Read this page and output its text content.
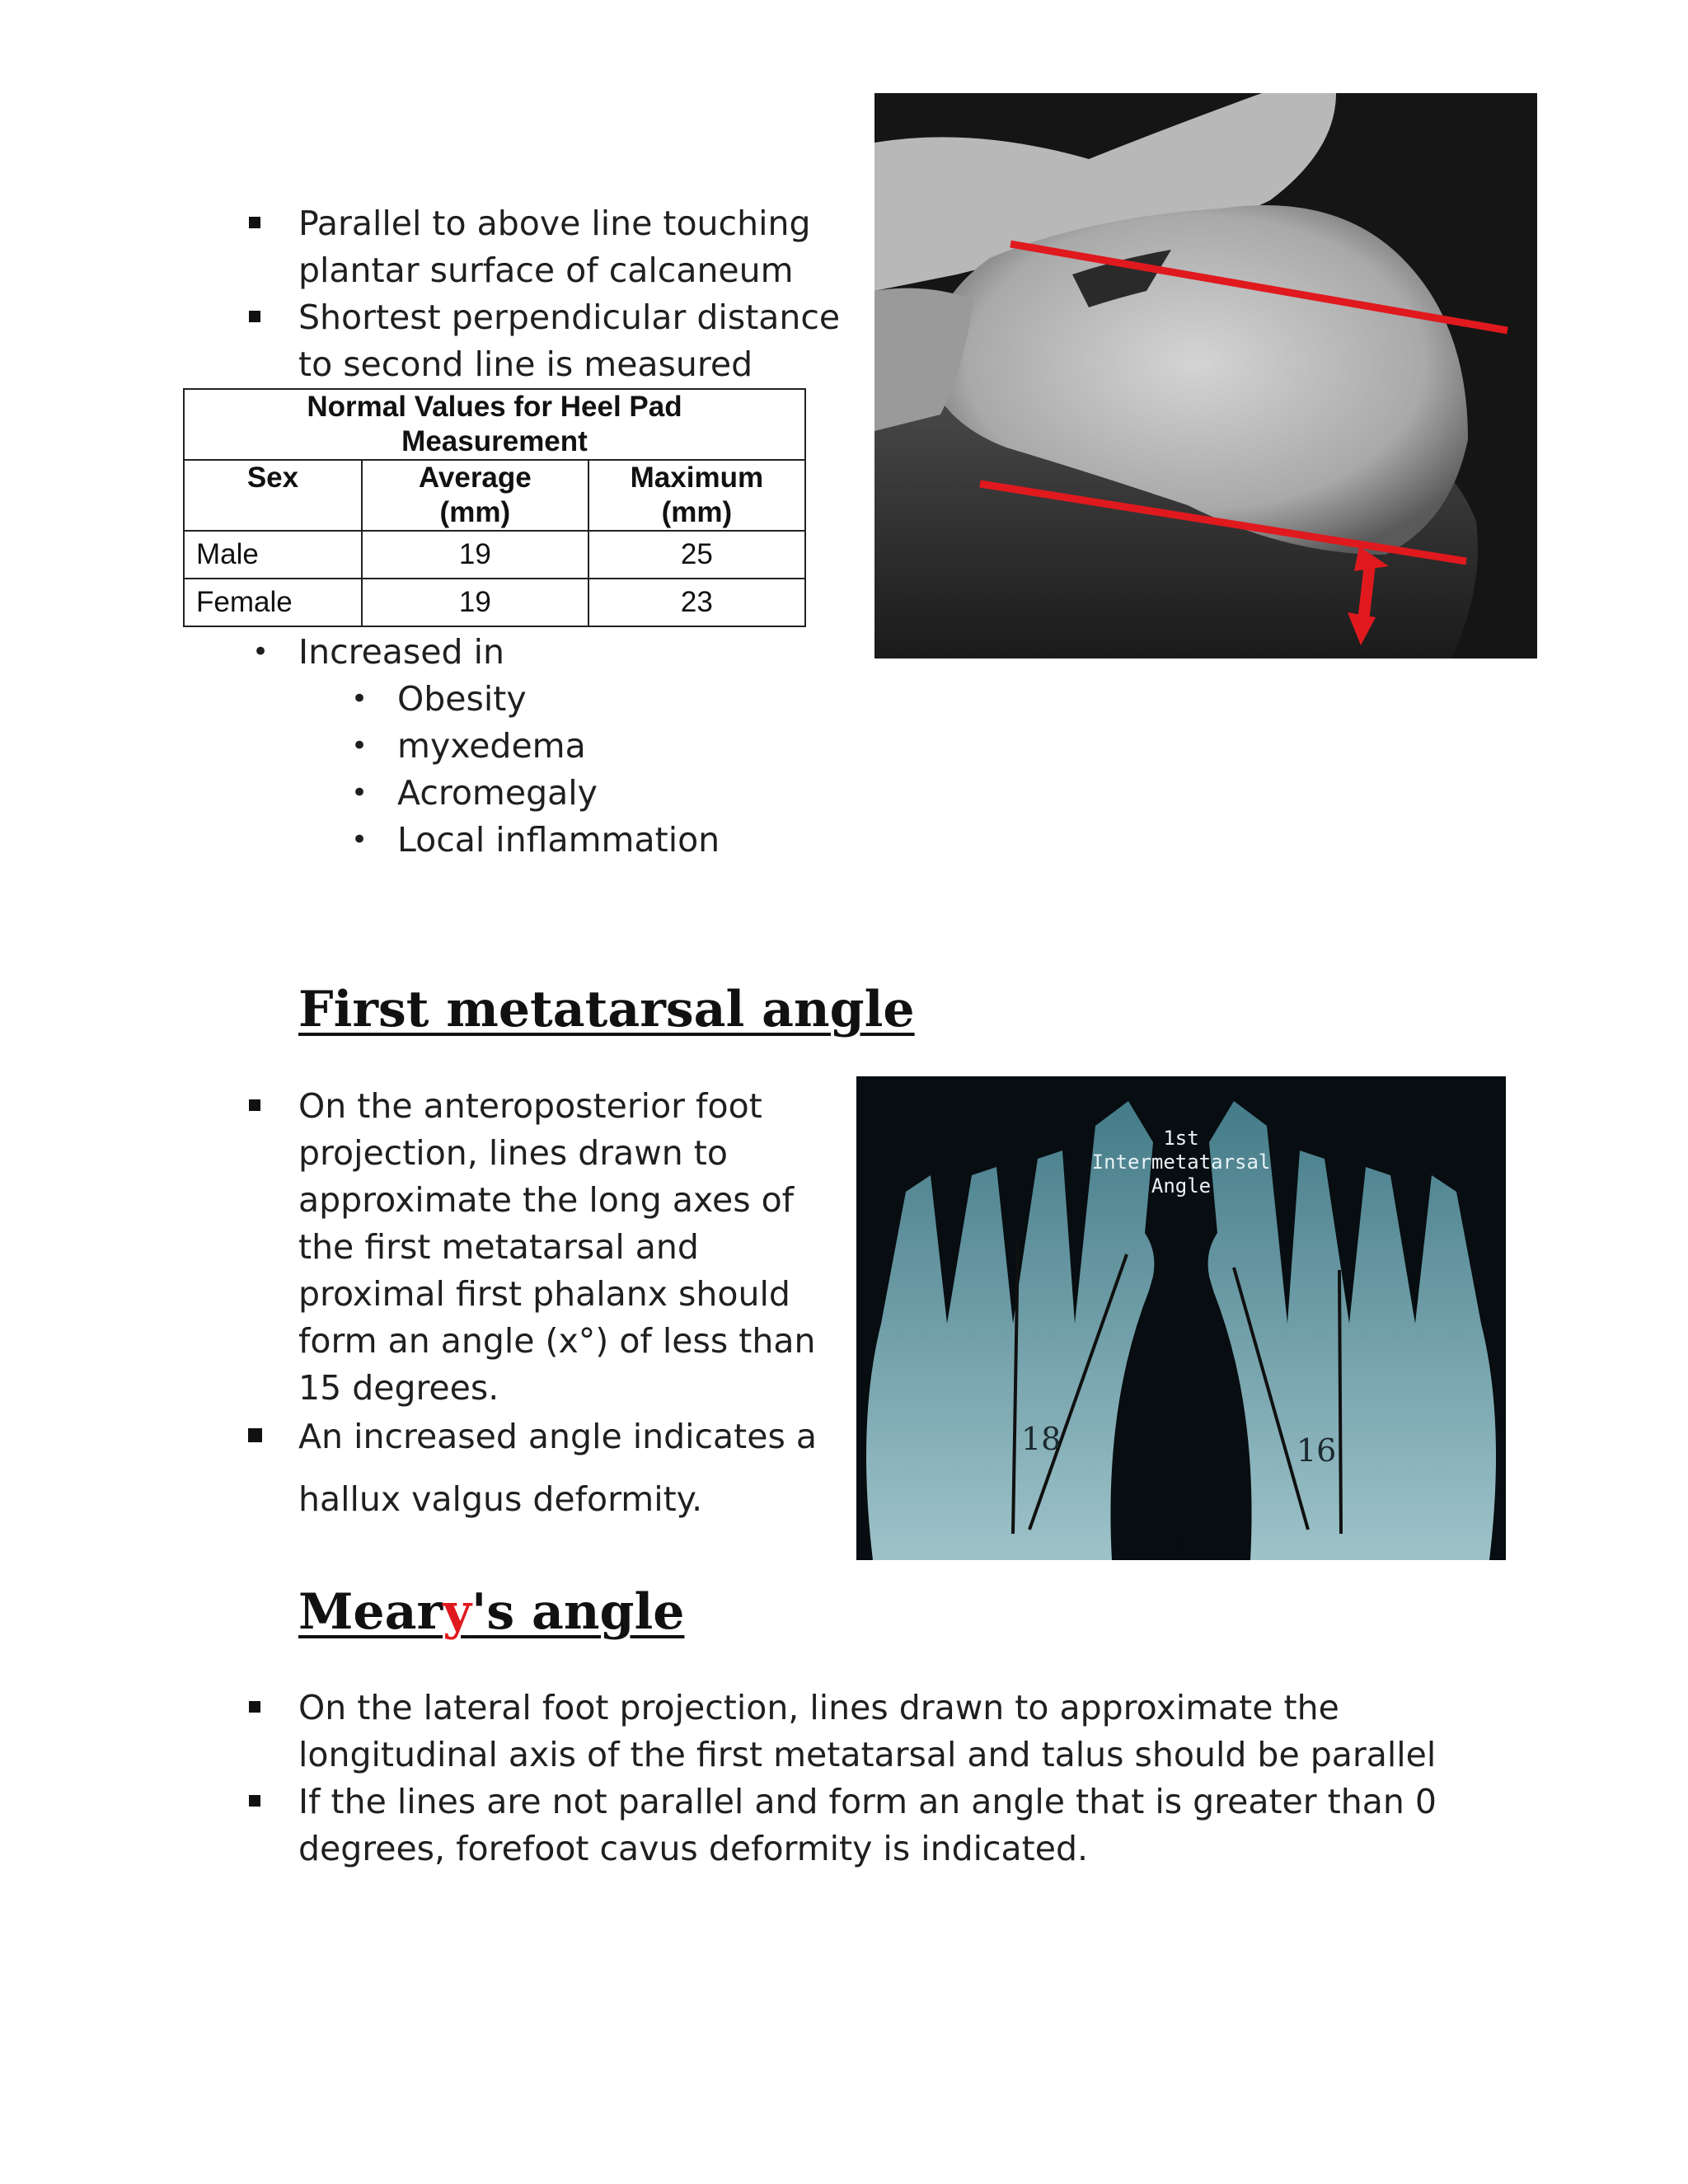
Parallel to above line touching plantar surface of calcaneum
Shortest perpendicular distance to second line is measured
Normal Values for Heel Pad Measurement		
Sex	Average (mm)	Maximum (mm)
Male	19	25
Female	19	23
• Increased in
• Obesity
• myxedema
• Acromegaly
• Local inflammation
First metatarsal angle
On the anteroposterior foot projection, lines drawn to approximate the long axes of the first metatarsal and proximal first phalanx should form an angle (x°) of less than 15 degrees.
An increased angle indicates a hallux valgus deformity.
18	16
1st
Intermetatarsal
Angle
Meary's angle
On the lateral foot projection, lines drawn to approximate the longitudinal axis of the first metatarsal and talus should be parallel
If the lines are not parallel and form an angle that is greater than 0 degrees, forefoot cavus deformity is indicated.
